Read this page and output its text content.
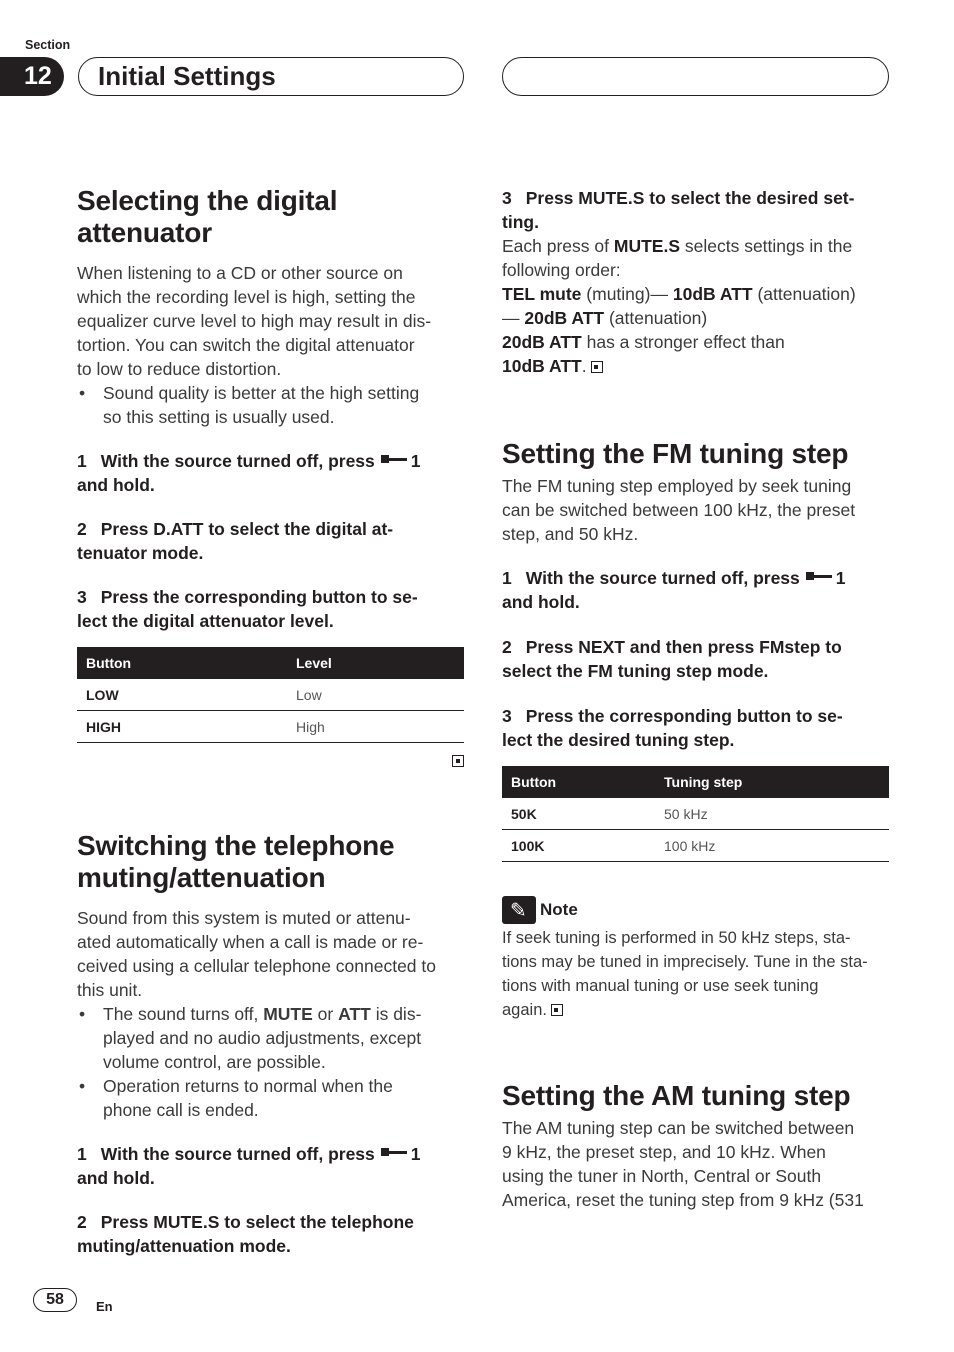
Section
12	Initial Settings
Selecting the digital
attenuator

When listening to a CD or other source on
which the recording level is high, setting the
equalizer curve level to high may result in dis-
tortion. You can switch the digital attenuator
to low to reduce distortion.

• Sound quality is better at the high setting
so this setting is usually used.

1 With the source turned off, press 1
and hold.

2 Press D.ATT to select the digital at-
tenuator mode.

3 Press the corresponding button to se-
lect the digital attenuator level.

Button	Level
LOW	Low
HIGH	High
Switching the telephone
muting/attenuation

Sound from this system is muted or attenu-
ated automatically when a call is made or re-
ceived using a cellular telephone connected to
this unit.

• The sound turns off, MUTE or ATT is dis-
played and no audio adjustments, except
volume control, are possible.
• Operation returns to normal when the
phone call is ended.

1 With the source turned off, press 1
and hold.

2 Press MUTE.S to select the telephone
muting/attenuation mode.

3 Press MUTE.S to select the desired set-
ting.

Each press of MUTE.S selects settings in the
following order:
TEL mute (muting)— 10dB ATT (attenuation)
— 20dB ATT (attenuation)
20dB ATT has a stronger effect than
10dB ATT.

Setting the FM tuning step

The FM tuning step employed by seek tuning
can be switched between 100 kHz, the preset
step, and 50 kHz.

1 With the source turned off, press 1
and hold.

2 Press NEXT and then press FMstep to
select the FM tuning step mode.

3 Press the corresponding button to se-
lect the desired tuning step.

Button	Tuning step
50K	50 kHz
100K	100 kHz
✎Note

If seek tuning is performed in 50 kHz steps, sta-
tions may be tuned in imprecisely. Tune in the sta-
tions with manual tuning or use seek tuning
again.

Setting the AM tuning step

The AM tuning step can be switched between
9 kHz, the preset step, and 10 kHz. When
using the tuner in North, Central or South
America, reset the tuning step from 9 kHz (531

58	En
